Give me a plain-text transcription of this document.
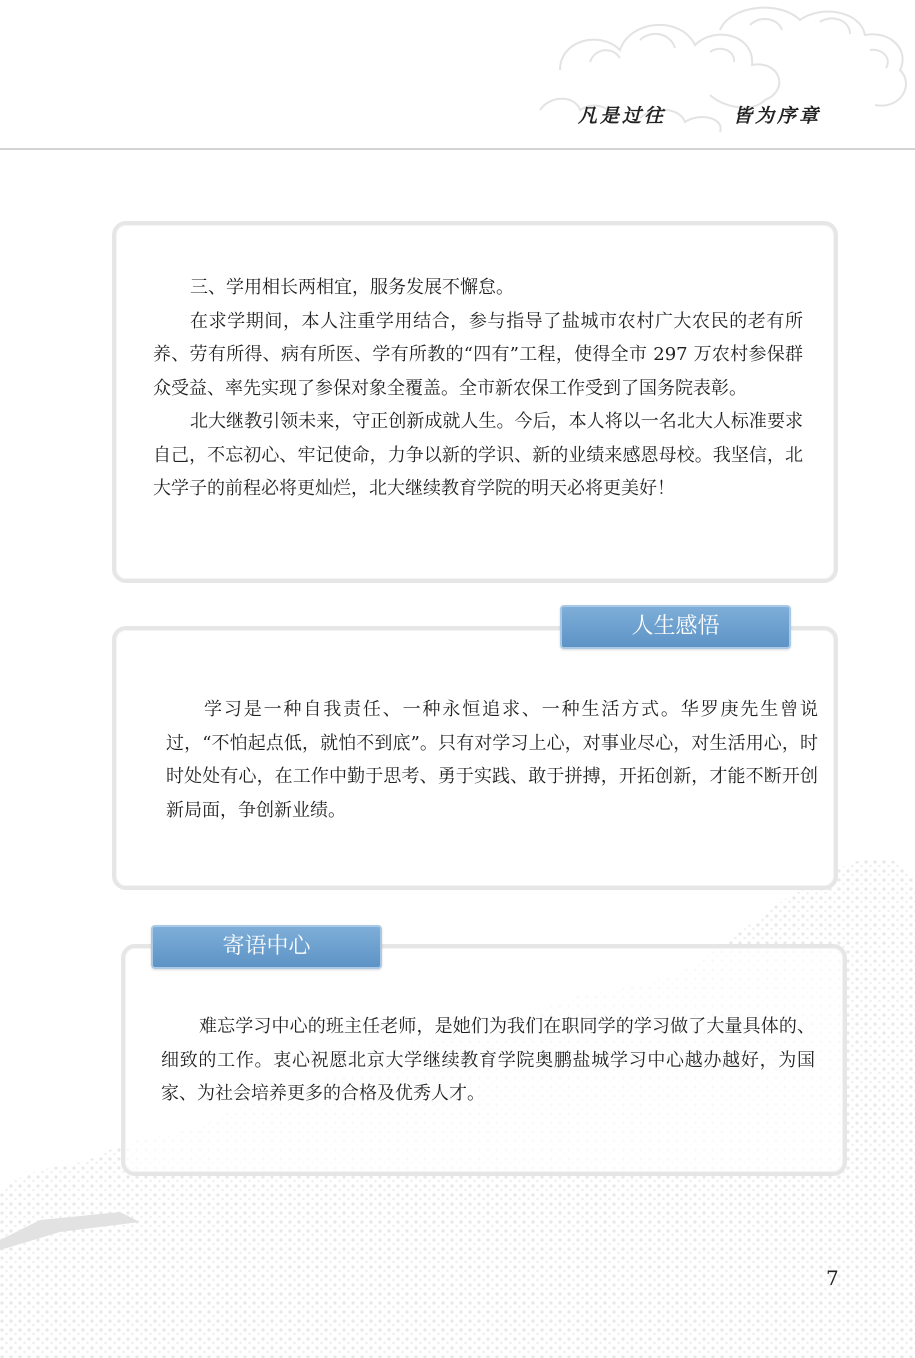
凡是过往	皆为序章
三、学用相长两相宜，服务发展不懈怠。
在求学期间，本人注重学用结合，参与指导了盐城市农村广大农民的老有所养、劳有所得、病有所医、学有所教的“四有”工程，使得全市 297 万农村参保群众受益、率先实现了参保对象全覆盖。全市新农保工作受到了国务院表彰。
北大继教引领未来，守正创新成就人生。今后，本人将以一名北大人标准要求自己，不忘初心、牢记使命，力争以新的学识、新的业绩来感恩母校。我坚信，北大学子的前程必将更灿烂，北大继续教育学院的明天必将更美好！
人生感悟
学习是一种自我责任、一种永恒追求、一种生活方式。华罗庚先生曾说过，“不怕起点低，就怕不到底”。只有对学习上心，对事业尽心，对生活用心，时时处处有心，在工作中勤于思考、勇于实践、敢于拼搏，开拓创新，才能不断开创新局面，争创新业绩。
寄语中心
难忘学习中心的班主任老师，是她们为我们在职同学的学习做了大量具体的、细致的工作。衷心祝愿北京大学继续教育学院奥鹏盐城学习中心越办越好，为国家、为社会培养更多的合格及优秀人才。
7
